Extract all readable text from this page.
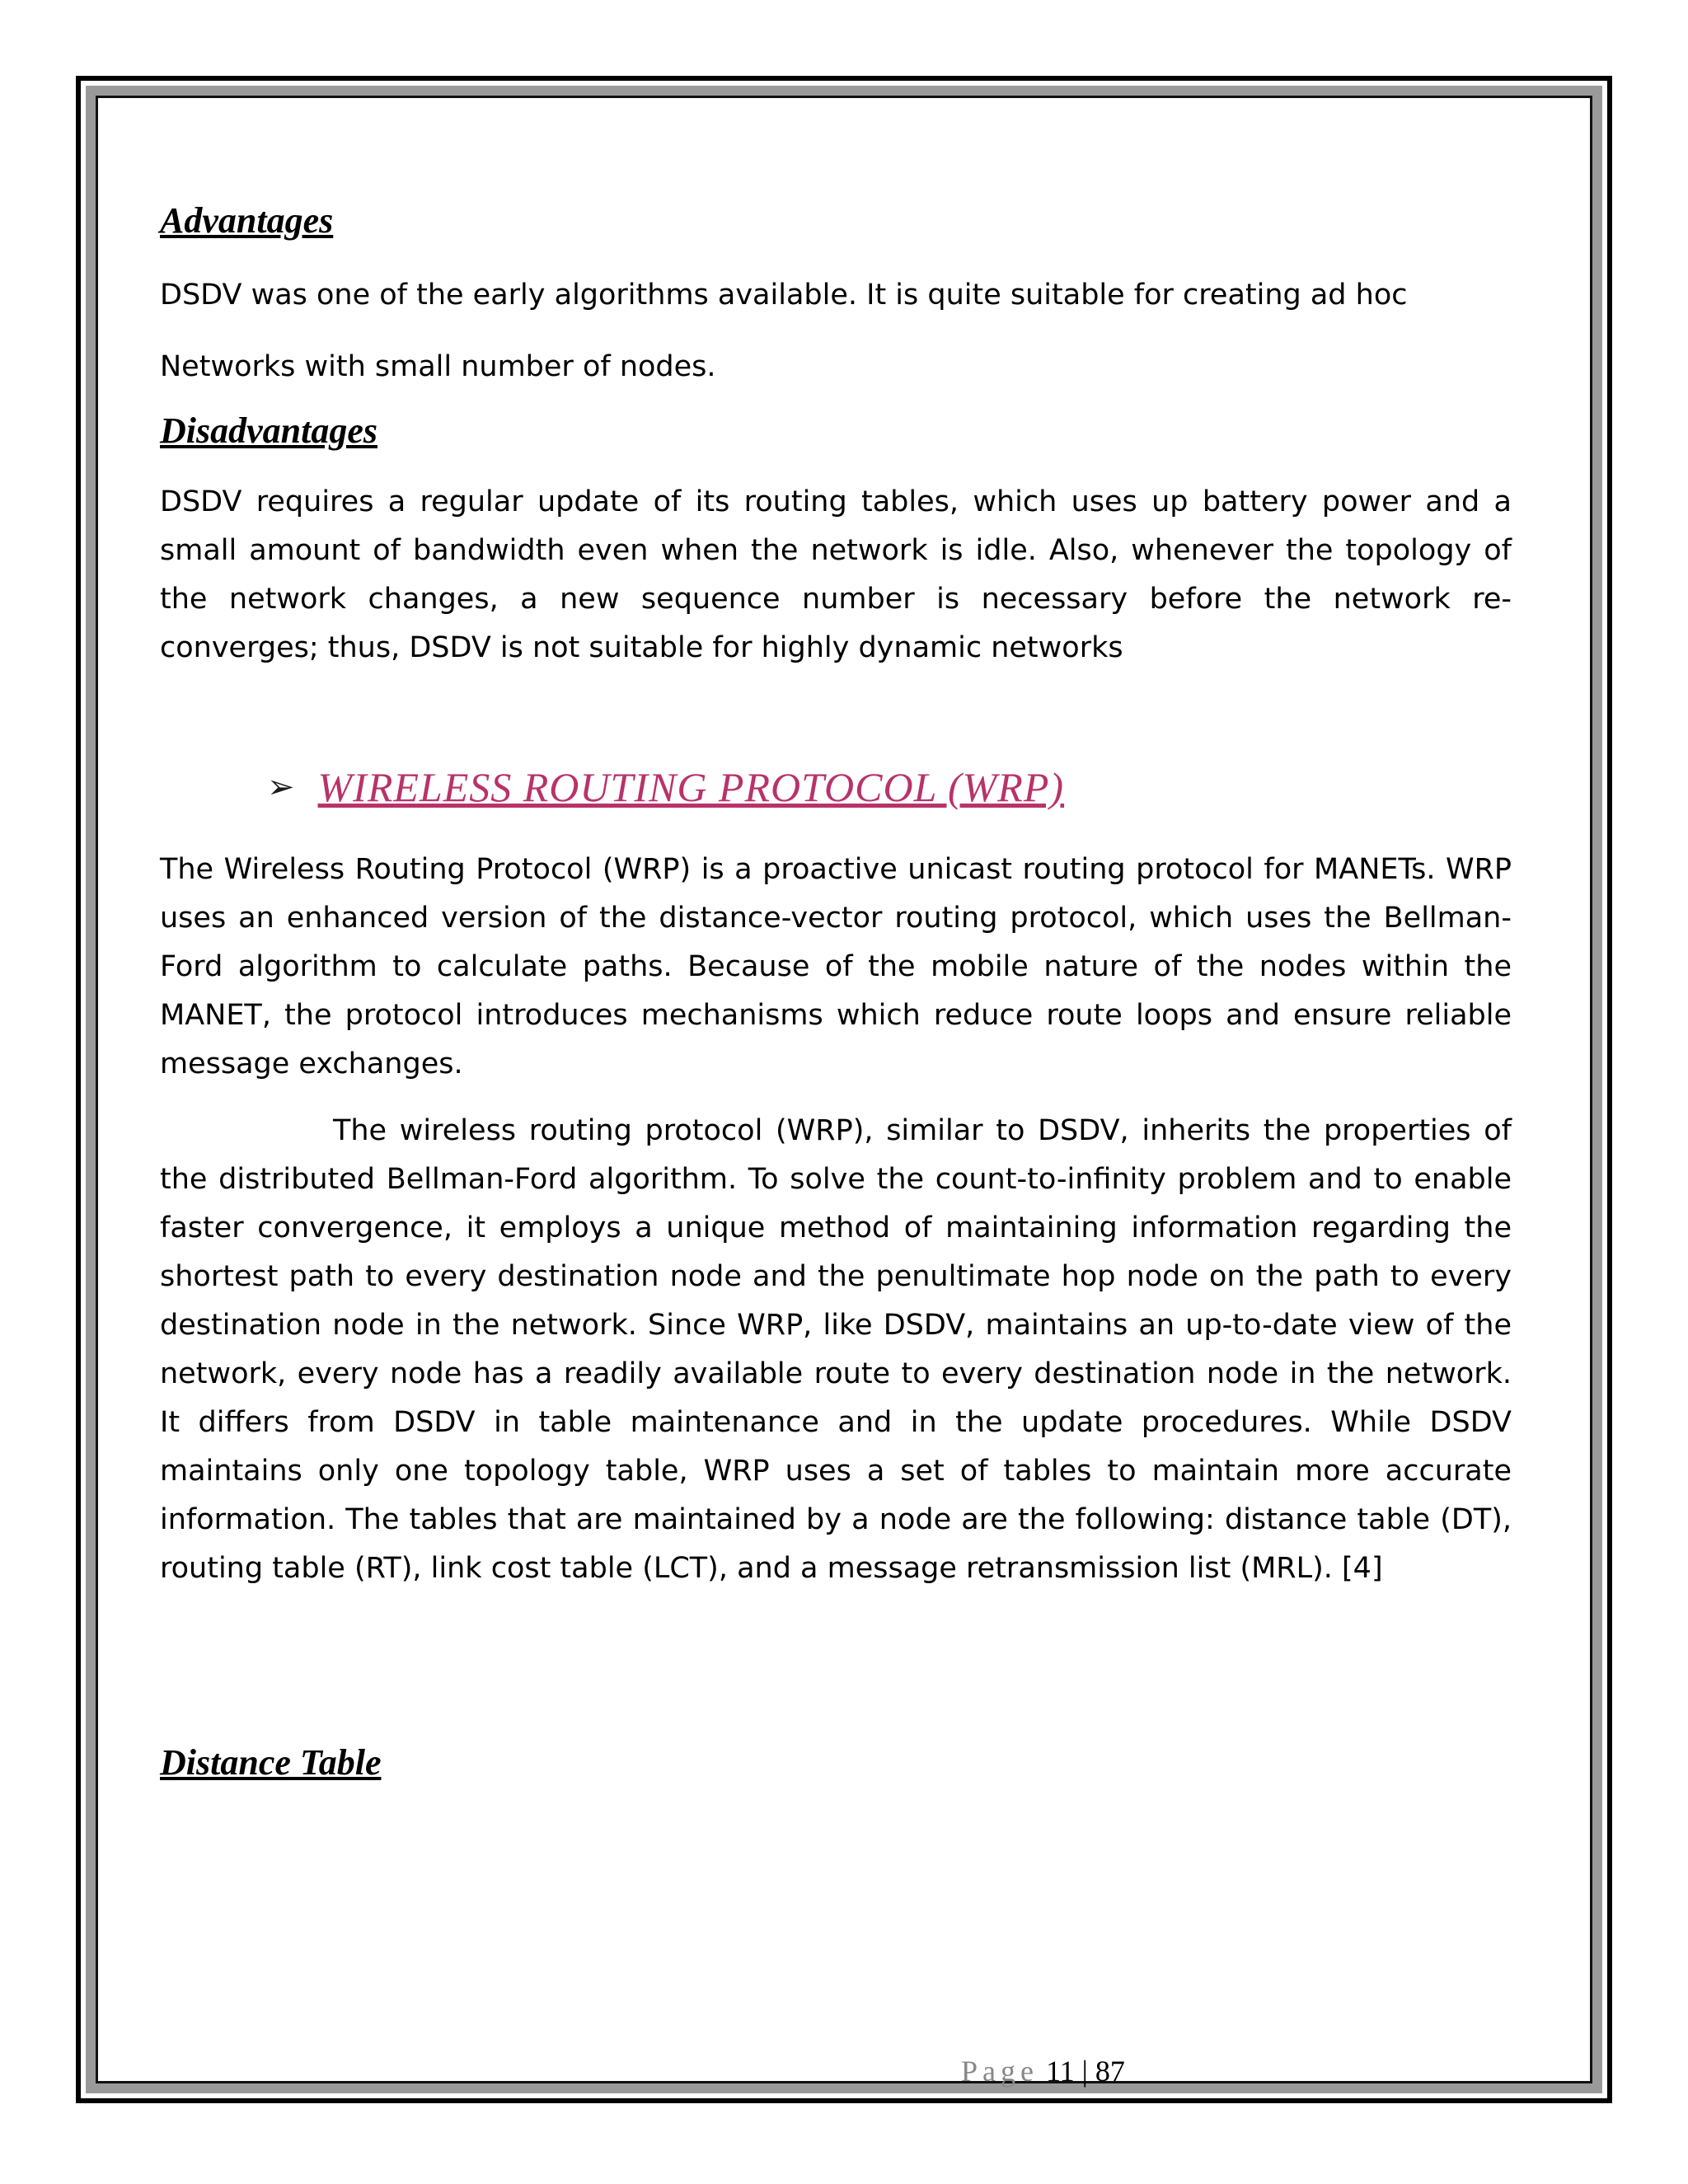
Advantages

DSDV was one of the early algorithms available. It is quite suitable for creating ad hoc

Networks with small number of nodes.

Disadvantages

DSDV requires a regular update of its routing tables, which uses up battery power and a small amount of bandwidth even when the network is idle. Also, whenever the topology of the network changes, a new sequence number is necessary before the network re-converges; thus, DSDV is not suitable for highly dynamic networks

➢ WIRELESS ROUTING PROTOCOL (WRP)

The Wireless Routing Protocol (WRP) is a proactive unicast routing protocol for MANETs. WRP uses an enhanced version of the distance-vector routing protocol, which uses the Bellman-Ford algorithm to calculate paths. Because of the mobile nature of the nodes within the MANET, the protocol introduces mechanisms which reduce route loops and ensure reliable message exchanges.

The wireless routing protocol (WRP), similar to DSDV, inherits the properties of the distributed Bellman-Ford algorithm. To solve the count-to-infinity problem and to enable faster convergence, it employs a unique method of maintaining information regarding the shortest path to every destination node and the penultimate hop node on the path to every destination node in the network. Since WRP, like DSDV, maintains an up-to-date view of the network, every node has a readily available route to every destination node in the network. It differs from DSDV in table maintenance and in the update procedures. While DSDV maintains only one topology table, WRP uses a set of tables to maintain more accurate information. The tables that are maintained by a node are the following: distance table (DT), routing table (RT), link cost table (LCT), and a message retransmission list (MRL). [4]

Distance Table
Page 11 | 87
